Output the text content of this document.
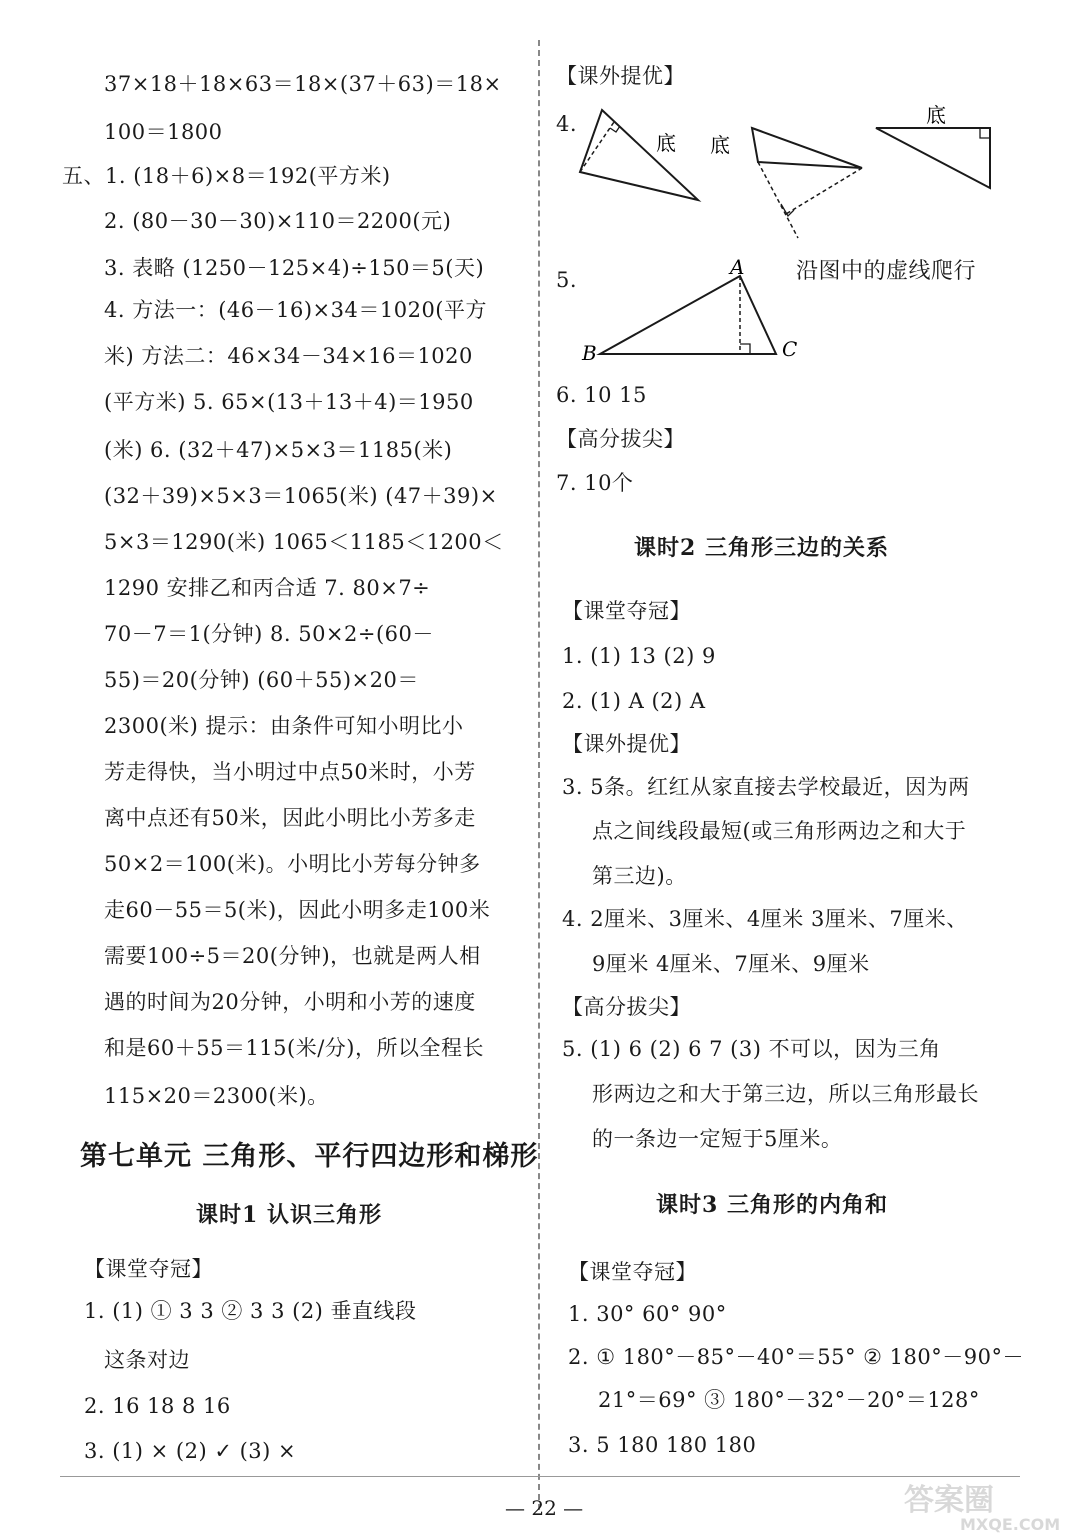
37×18＋18×63＝18×(37＋63)＝18×
100＝1800
五、1. (18＋6)×8＝192(平方米)
2. (80－30－30)×110＝2200(元)
3. 表略 (1250－125×4)÷150＝5(天)
4. 方法一：(46－16)×34＝1020(平方
米) 方法二：46×34－34×16＝1020
(平方米) 5. 65×(13＋13＋4)＝1950
(米) 6. (32＋47)×5×3＝1185(米)
(32＋39)×5×3＝1065(米) (47＋39)×
5×3＝1290(米) 1065＜1185＜1200＜
1290 安排乙和丙合适 7. 80×7÷
70－7＝1(分钟) 8. 50×2÷(60－
55)＝20(分钟) (60＋55)×20＝
2300(米) 提示：由条件可知小明比小
芳走得快，当小明过中点50米时，小芳
离中点还有50米，因此小明比小芳多走
50×2＝100(米)。小明比小芳每分钟多
走60－55＝5(米)，因此小明多走100米
需要100÷5＝20(分钟)，也就是两人相
遇的时间为20分钟，小明和小芳的速度
和是60＋55＝115(米/分)，所以全程长
115×20＝2300(米)。
第七单元 三角形、平行四边形和梯形
课时1 认识三角形
【课堂夺冠】
1. (1) ① 3 3 ② 3 3 (2) 垂直线段
这条对边
2. 16 18 8 16
3. (1) × (2) ✓ (3) ×
【课外提优】
4.
5.
6. 10 15
【高分拔尖】
7. 10个
底 底
底
A
B	C
沿图中的虚线爬行
课时2 三角形三边的关系
【课堂夺冠】
1. (1) 13 (2) 9
2. (1) A (2) A
【课外提优】
3. 5条。红红从家直接去学校最近，因为两
点之间线段最短(或三角形两边之和大于
第三边)。
4. 2厘米、3厘米、4厘米 3厘米、7厘米、
9厘米 4厘米、7厘米、9厘米
【高分拔尖】
5. (1) 6 (2) 6 7 (3) 不可以，因为三角
形两边之和大于第三边，所以三角形最长
的一条边一定短于5厘米。
课时3 三角形的内角和
【课堂夺冠】
1. 30° 60° 90°
2. ① 180°－85°－40°＝55° ② 180°－90°－
21°＝69° ③ 180°－32°－20°＝128°
3. 5 180 180 180
— 22 —	答案圈
MXQE.COM
